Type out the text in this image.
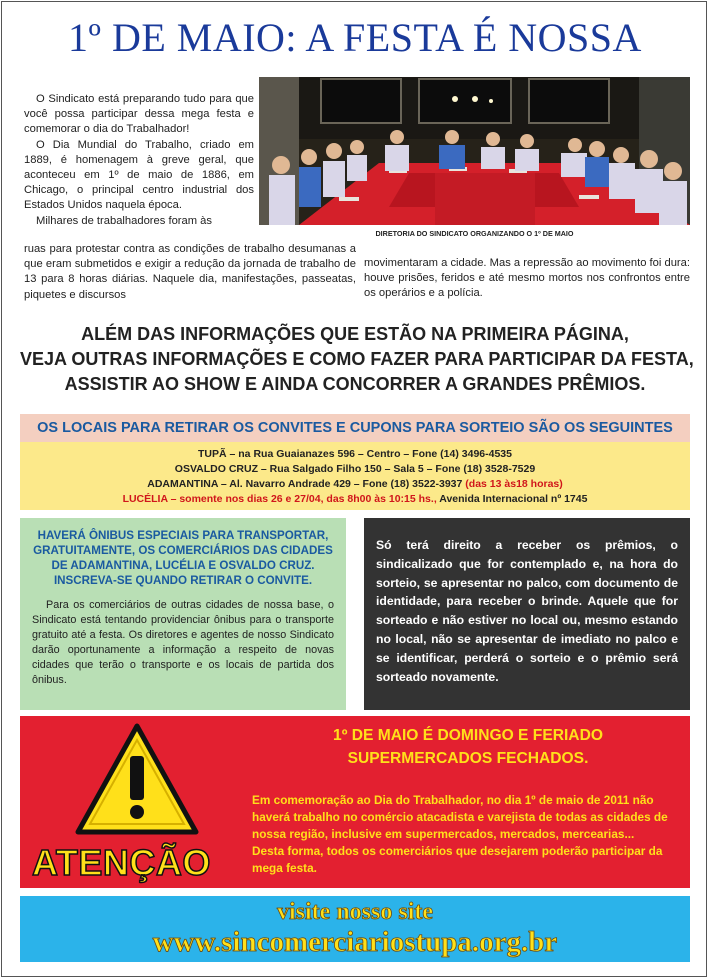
1º DE MAIO: A FESTA É NOSSA

O Sindicato está preparando tudo para que você possa participar dessa mega festa e comemorar o dia do Trabalhador!

O Dia Mundial do Trabalho, criado em 1889, é homenagem à greve geral, que aconteceu em 1º de maio de 1886, em Chicago, o principal centro industrial dos Estados Unidos naquela época.

Milhares de trabalhadores foram às

DIRETORIA DO SINDICATO ORGANIZANDO O 1º DE MAIO

ruas para protestar contra as condições de trabalho desumanas a que eram submetidos e exigir a redução da jornada de trabalho de 13 para 8 horas diárias. Naquele dia, manifestações, passeatas, piquetes e discursos

movimentaram a cidade. Mas a repressão ao movimento foi dura: houve prisões, feridos e até mesmo mortos nos confrontos entre os operários e a polícia.

ALÉM DAS INFORMAÇÕES QUE ESTÃO NA PRIMEIRA PÁGINA,
VEJA OUTRAS INFORMAÇÕES E COMO FAZER PARA PARTICIPAR DA FESTA,
ASSISTIR AO SHOW E AINDA CONCORRER A GRANDES PRÊMIOS.
OS LOCAIS PARA RETIRAR OS CONVITES E CUPONS PARA SORTEIO SÃO OS SEGUINTES
TUPÃ – na Rua Guaianazes 596 – Centro – Fone (14) 3496-4535
OSVALDO CRUZ – Rua Salgado Filho 150 – Sala 5 – Fone (18) 3528-7529
ADAMANTINA – Al. Navarro Andrade 429 – Fone (18) 3522-3937 (das 13 às18 horas)
LUCÉLIA – somente nos dias 26 e 27/04, das 8h00 às 10:15 hs., Avenida Internacional nº 1745
HAVERÁ ÔNIBUS ESPECIAIS PARA TRANSPORTAR, GRATUITAMENTE, OS COMERCIÁRIOS DAS CIDADES DE ADAMANTINA, LUCÉLIA E OSVALDO CRUZ. INSCREVA-SE QUANDO RETIRAR O CONVITE.
Para os comerciários de outras cidades de nossa base, o Sindicato está tentando providenciar ônibus para o transporte gratuito até a festa. Os diretores e agentes de nosso Sindicato darão oportunamente a informação a respeito de novas cidades que terão o transporte e os locais de partida dos ônibus.
Só terá direito a receber os prêmios, o sindicalizado que for contemplado e, na hora do sorteio, se apresentar no palco, com documento de identidade, para receber o brinde. Aquele que for sorteado e não estiver no local ou, mesmo estando no local, não se apresentar de imediato no palco e se identificar, perderá o sorteio e o prêmio será sorteado novamente.
ATENÇÃO
1º DE MAIO É DOMINGO E FERIADO
SUPERMERCADOS FECHADOS.
Em comemoração ao Dia do Trabalhador, no dia 1º de maio de 2011 não haverá trabalho no comércio atacadista e varejista de todas as cidades de nossa região, inclusive em supermercados, mercados, mercearias...
Desta forma, todos os comerciários que desejarem poderão participar da mega festa.
visite nosso site
www.sincomerciariostupa.org.br
